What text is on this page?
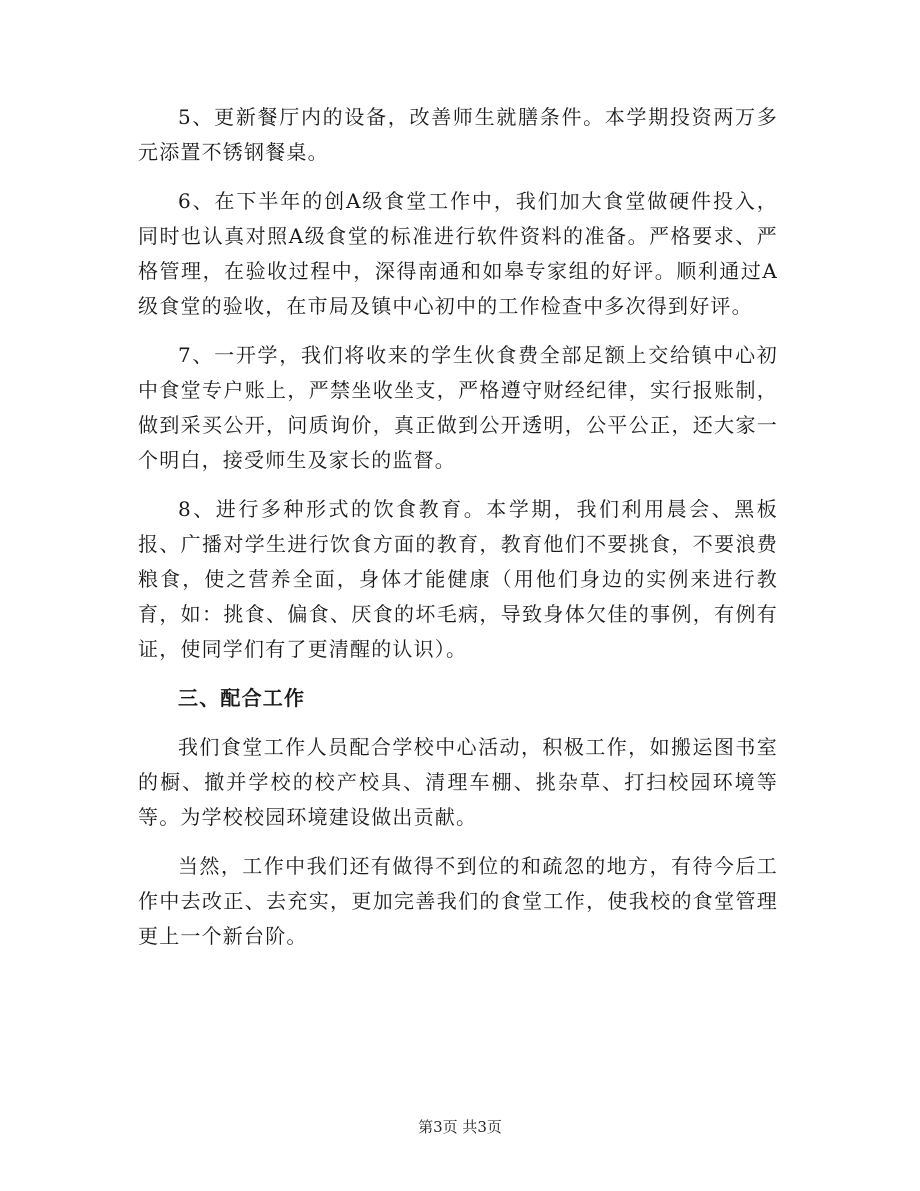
5、更新餐厅内的设备，改善师生就膳条件。本学期投资两万多元添置不锈钢餐桌。

6、在下半年的创A级食堂工作中，我们加大食堂做硬件投入，同时也认真对照A级食堂的标准进行软件资料的准备。严格要求、严格管理，在验收过程中，深得南通和如皋专家组的好评。顺利通过A级食堂的验收，在市局及镇中心初中的工作检查中多次得到好评。

7、一开学，我们将收来的学生伙食费全部足额上交给镇中心初中食堂专户账上，严禁坐收坐支，严格遵守财经纪律，实行报账制，做到采买公开，问质询价，真正做到公开透明，公平公正，还大家一个明白，接受师生及家长的监督。

8、进行多种形式的饮食教育。本学期，我们利用晨会、黑板报、广播对学生进行饮食方面的教育，教育他们不要挑食，不要浪费粮食，使之营养全面，身体才能健康（用他们身边的实例来进行教育，如：挑食、偏食、厌食的坏毛病，导致身体欠佳的事例，有例有证，使同学们有了更清醒的认识）。

三、配合工作

我们食堂工作人员配合学校中心活动，积极工作，如搬运图书室的橱、撤并学校的校产校具、清理车棚、挑杂草、打扫校园环境等等。为学校校园环境建设做出贡献。

当然，工作中我们还有做得不到位的和疏忽的地方，有待今后工作中去改正、去充实，更加完善我们的食堂工作，使我校的食堂管理更上一个新台阶。

第3页 共3页
